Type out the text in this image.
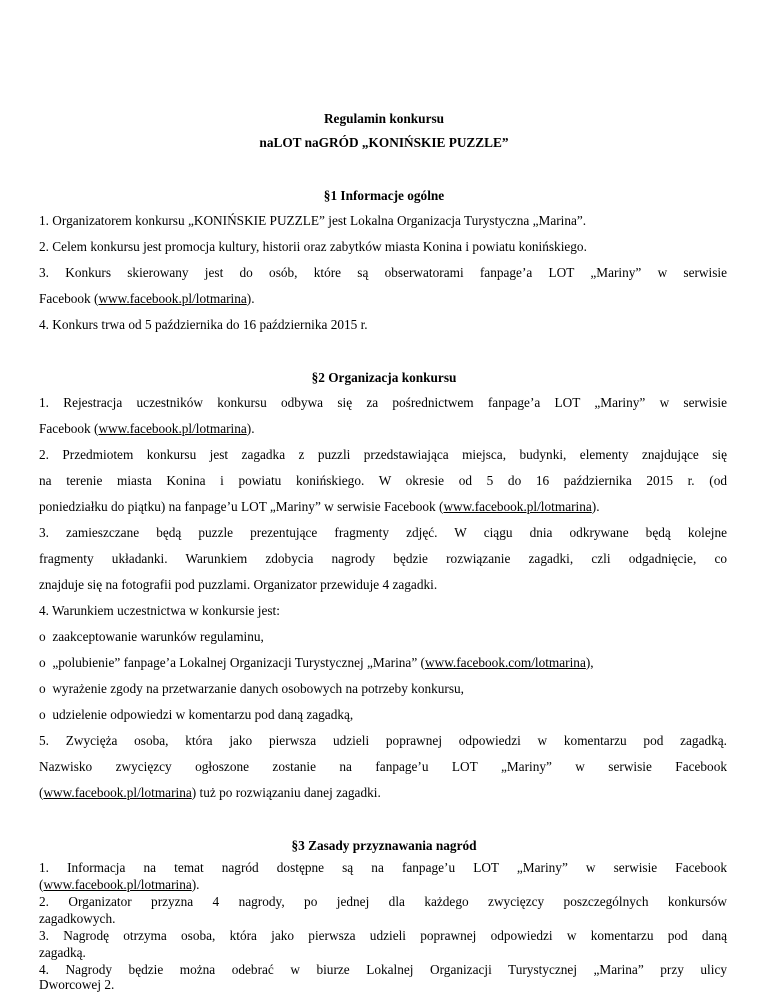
Regulamin konkursu
naLOT naGRÓD „KONIŃSKIE PUZZLE”
§1 Informacje ogólne
1. Organizatorem konkursu „KONIŃSKIE PUZZLE” jest Lokalna Organizacja Turystyczna „Marina”.
2. Celem konkursu jest promocja kultury, historii oraz zabytków miasta Konina i powiatu konińskiego.
3. Konkurs skierowany jest do osób, które są obserwatorami fanpage’a LOT „Mariny” w serwisie
Facebook (www.facebook.pl/lotmarina).
4. Konkurs trwa od 5 października do 16 października 2015 r.
§2 Organizacja konkursu
1. Rejestracja uczestników konkursu odbywa się za pośrednictwem fanpage’a LOT „Mariny” w serwisie
Facebook (www.facebook.pl/lotmarina).
2. Przedmiotem konkursu jest zagadka z puzzli przedstawiająca miejsca, budynki, elementy znajdujące się
na terenie miasta Konina i powiatu konińskiego. W okresie od 5 do 16 października 2015 r. (od
poniedziałku do piątku) na fanpage’u LOT „Mariny” w serwisie Facebook (www.facebook.pl/lotmarina).
3. zamieszczane będą puzzle prezentujące fragmenty zdjęć. W ciągu dnia odkrywane będą kolejne
fragmenty układanki. Warunkiem zdobycia nagrody będzie rozwiązanie zagadki, czli odgadnięcie, co
znajduje się na fotografii pod puzzlami. Organizator przewiduje 4 zagadki.
4. Warunkiem uczestnictwa w konkursie jest:
o zaakceptowanie warunków regulaminu,
o „polubienie” fanpage’a Lokalnej Organizacji Turystycznej „Marina” (www.facebook.com/lotmarina),
o wyrażenie zgody na przetwarzanie danych osobowych na potrzeby konkursu,
o udzielenie odpowiedzi w komentarzu pod daną zagadką,
5. Zwycięża osoba, która jako pierwsza udzieli poprawnej odpowiedzi w komentarzu pod zagadką.
Nazwisko zwycięzcy ogłoszone zostanie na fanpage’u LOT „Mariny” w serwisie Facebook
(www.facebook.pl/lotmarina) tuż po rozwiązaniu danej zagadki.
§3 Zasady przyznawania nagród
1. Informacja na temat nagród dostępne są na fanpage’u LOT „Mariny” w serwisie Facebook
(www.facebook.pl/lotmarina).
2. Organizator przyzna 4 nagrody, po jednej dla każdego zwycięzcy poszczególnych konkursów
zagadkowych.
3. Nagrodę otrzyma osoba, która jako pierwsza udzieli poprawnej odpowiedzi w komentarzu pod daną
zagadką.
4. Nagrody będzie można odebrać w biurze Lokalnej Organizacji Turystycznej „Marina” przy ulicy
Dworcowej 2.
